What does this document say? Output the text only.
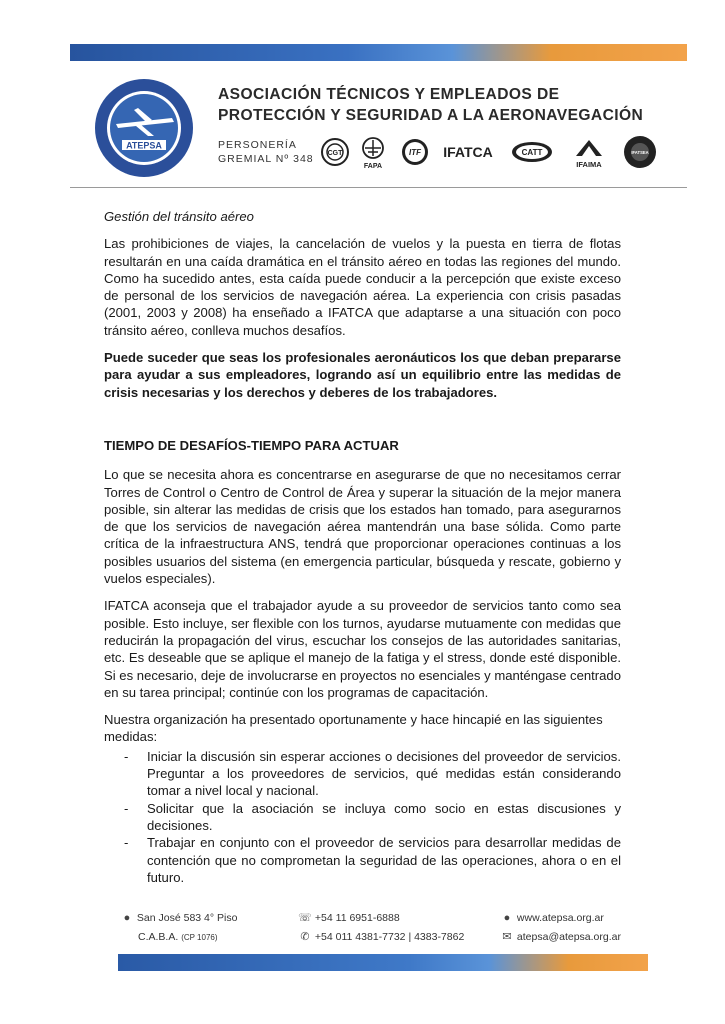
ATEPSA
ASOCIACIÓN TÉCNICOS Y EMPLEADOS DE
PROTECCIÓN Y SEGURIDAD A LA AERONAVEGACIÓN
PERSONERÍA
GREMIAL Nº 348 CGT
FAPA
ITF IFATCA	CATT
IFAIMA
IFATSEA

Gestión del tránsito aéreo

Las prohibiciones de viajes, la cancelación de vuelos y la puesta en tierra de flotas resultarán en una caída dramática en el tránsito aéreo en todas las regiones del mundo. Como ha sucedido antes, esta caída puede conducir a la percepción que existe exceso de personal de los servicios de navegación aérea. La experiencia con crisis pasadas (2001, 2003 y 2008) ha enseñado a IFATCA que adaptarse a una situación con poco tránsito aéreo, conlleva muchos desafíos.

Puede suceder que seas los profesionales aeronáuticos los que deban prepararse para ayudar a sus empleadores, logrando así un equilibrio entre las medidas de crisis necesarias y los derechos y deberes de los trabajadores.

TIEMPO DE DESAFÍOS-TIEMPO PARA ACTUAR

Lo que se necesita ahora es concentrarse en asegurarse de que no necesitamos cerrar Torres de Control o Centro de Control de Área y superar la situación de la mejor manera posible, sin alterar las medidas de crisis que los estados han tomado, para asegurarnos de que los servicios de navegación aérea mantendrán una base sólida. Como parte crítica de la infraestructura ANS, tendrá que proporcionar operaciones continuas a los posibles usuarios del sistema (en emergencia particular, búsqueda y rescate, gobierno y vuelos especiales).

IFATCA aconseja que el trabajador ayude a su proveedor de servicios tanto como sea posible. Esto incluye, ser flexible con los turnos, ayudarse mutuamente con medidas que reducirán la propagación del virus, escuchar los consejos de las autoridades sanitarias, etc. Es deseable que se aplique el manejo de la fatiga y el stress, donde esté disponible. Si es necesario, deje de involucrarse en proyectos no esenciales y manténgase centrado en su tarea principal; continúe con los programas de capacitación.

Nuestra organización ha presentado oportunamente y hace hincapié en las siguientes medidas:

- Iniciar la discusión sin esperar acciones o decisiones del proveedor de servicios. Preguntar a los proveedores de servicios, qué medidas están considerando tomar a nivel local y nacional.
- Solicitar que la asociación se incluya como socio en estas discusiones y decisiones.
- Trabajar en conjunto con el proveedor de servicios para desarrollar medidas de contención que no comprometan la seguridad de las operaciones, ahora o en el futuro.
● San José 583 4° Piso
C.A.B.A. (CP 1076)
☏ +54 11 6951-6888
✆ +54 011 4381-7732 | 4383-7862
● www.atepsa.org.ar
✉ atepsa@atepsa.org.ar
